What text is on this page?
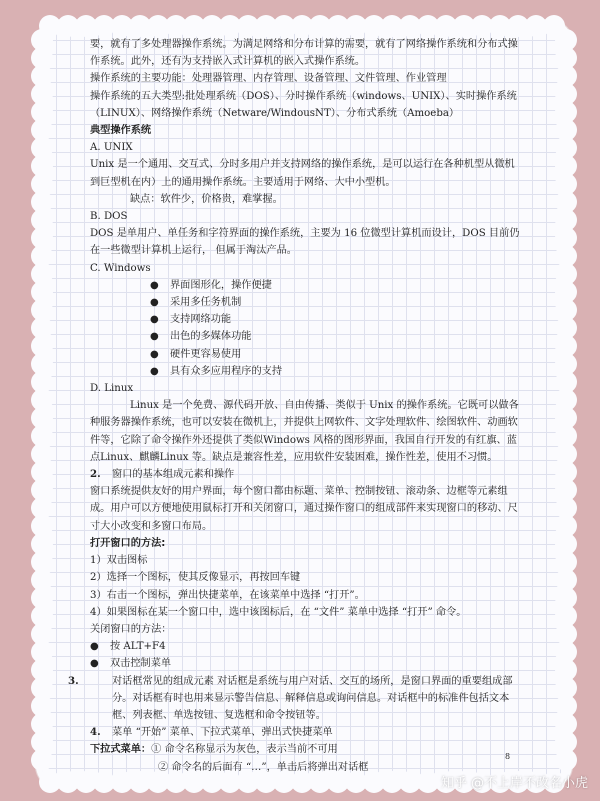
要，就有了多处理器操作系统。为满足网络和分布计算的需要，就有了网络操作系统和分布式操作系统。此外，还有为支持嵌入式计算机的嵌入式操作系统。

操作系统的主要功能：处理器管理、内存管理、设备管理、文件管理、作业管理

操作系统的五大类型:批处理系统（DOS）、分时操作系统（windows、UNIX）、实时操作系统（LINUX）、网络操作系统（Netware/WindousNT）、分布式系统（Amoeba）

典型操作系统

A. UNIX

Unix 是一个通用、交互式、分时多用户并支持网络的操作系统，是可以运行在各种机型从微机到巨型机在内）上的通用操作系统。主要适用于网络、大中小型机。

缺点：软件少，价格贵，难掌握。

B. DOS

DOS 是单用户、单任务和字符界面的操作系统，主要为 16 位微型计算机而设计，DOS 目前仍在一些微型计算机上运行， 但属于淘汰产品。

C. Windows

● 界面图形化，操作便捷
● 采用多任务机制
● 支持网络功能
● 出色的多媒体功能
● 硬件更容易使用
● 具有众多应用程序的支持

D. Linux

Linux 是一个免费、源代码开放、自由传播、类似于 Unix 的操作系统。它既可以做各种服务器操作系统，也可以安装在微机上，并提供上网软件、文字处理软件、绘图软件、动画软件等，它除了命令操作外还提供了类似Windows 风格的图形界面，我国自行开发的有红旗、蓝点Linux、麒麟Linux 等。缺点是兼容性差，应用软件安装困难，操作性差，使用不习惯。

2. 窗口的基本组成元素和操作

窗口系统提供友好的用户界面，每个窗口都由标题、菜单、控制按钮、滚动条、边框等元素组成。用户可以方便地使用鼠标打开和关闭窗口，通过操作窗口的组成部件来实现窗口的移动、尺寸大小改变和多窗口布局。

打开窗口的方法:

1）双击图标

2）选择一个图标，使其反像显示，再按回车键

3）右击一个图标，弹出快捷菜单，在该菜单中选择 “打开”。

4）如果图标在某一个窗口中，选中该图标后，在 “文件” 菜单中选择 “打开” 命令。

关闭窗口的方法：

● 按 ALT+F4
● 双击控制菜单

3.	对话框常见的组成元素 对话框是系统与用户对话、交互的场所，是窗口界面的重要组成部分。对话框有时也用来显示警告信息、解释信息或询问信息。对话框中的标准件包括文本框、列表框、单选按钮、复选框和命令按钮等。

4. 菜单 “开始” 菜单、下拉式菜单、弹出式快捷菜单

下拉式菜单：① 命令名称显示为灰色，表示当前不可用

② 命令名的后面有 “…”，单击后将弹出对话框

8
知乎 @不上岸不改名小虎
